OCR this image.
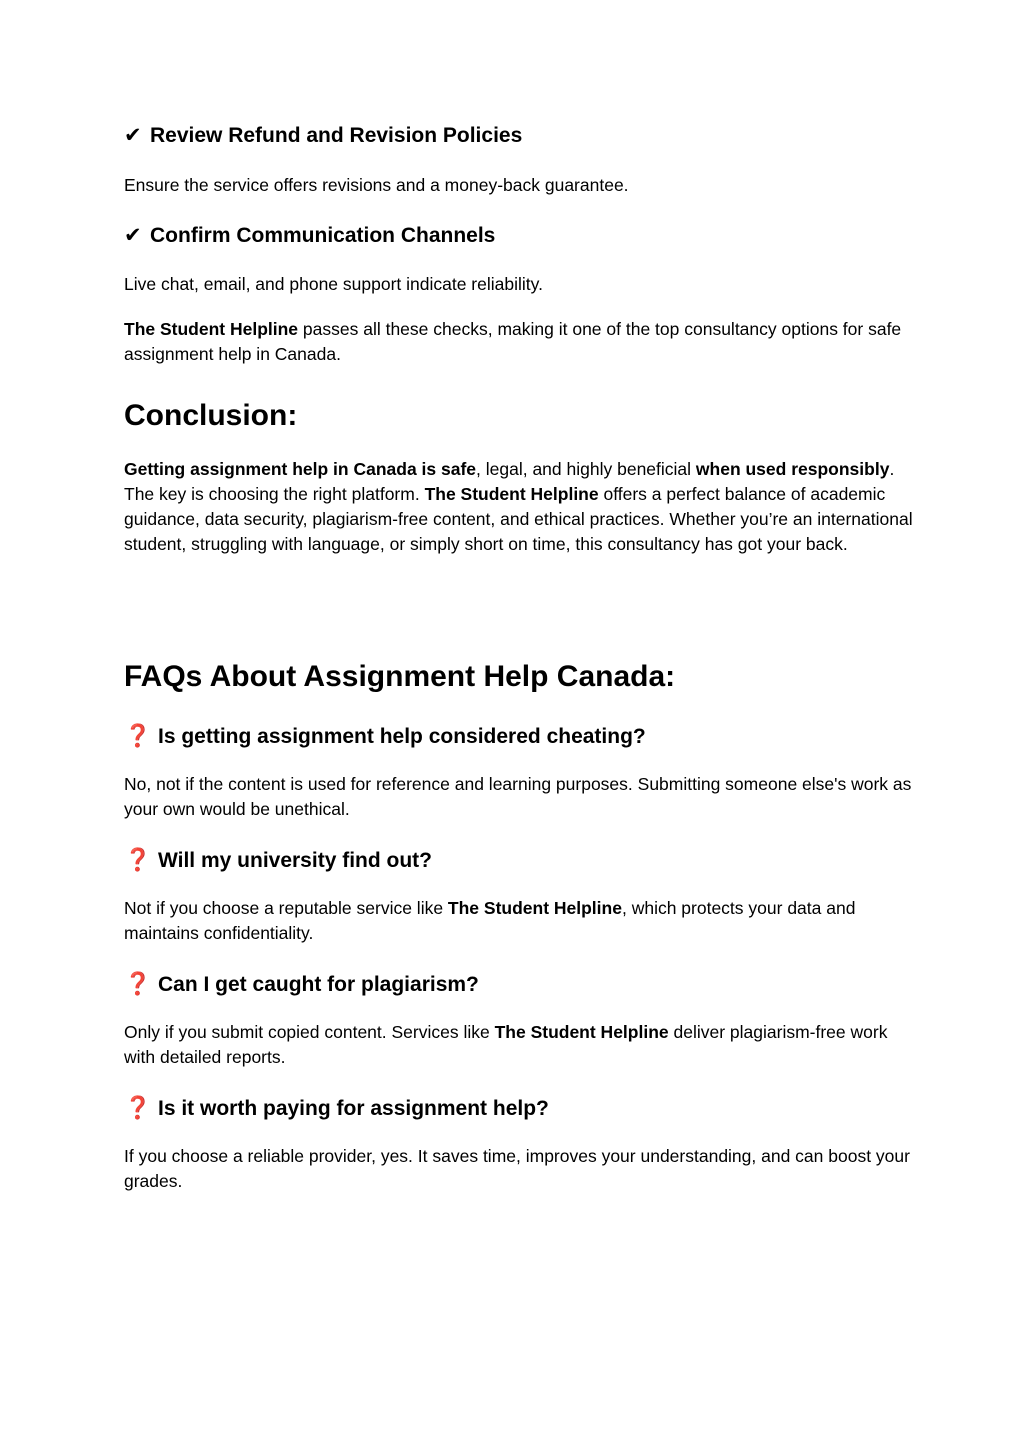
✔ Review Refund and Revision Policies
Ensure the service offers revisions and a money-back guarantee.
✔ Confirm Communication Channels
Live chat, email, and phone support indicate reliability.
The Student Helpline passes all these checks, making it one of the top consultancy options for safe assignment help in Canada.
Conclusion:
Getting assignment help in Canada is safe, legal, and highly beneficial when used responsibly. The key is choosing the right platform. The Student Helpline offers a perfect balance of academic guidance, data security, plagiarism-free content, and ethical practices. Whether you’re an international student, struggling with language, or simply short on time, this consultancy has got your back.
FAQs About Assignment Help Canada:
❓ Is getting assignment help considered cheating?
No, not if the content is used for reference and learning purposes. Submitting someone else's work as your own would be unethical.
❓ Will my university find out?
Not if you choose a reputable service like The Student Helpline, which protects your data and maintains confidentiality.
❓ Can I get caught for plagiarism?
Only if you submit copied content. Services like The Student Helpline deliver plagiarism-free work with detailed reports.
❓ Is it worth paying for assignment help?
If you choose a reliable provider, yes. It saves time, improves your understanding, and can boost your grades.
